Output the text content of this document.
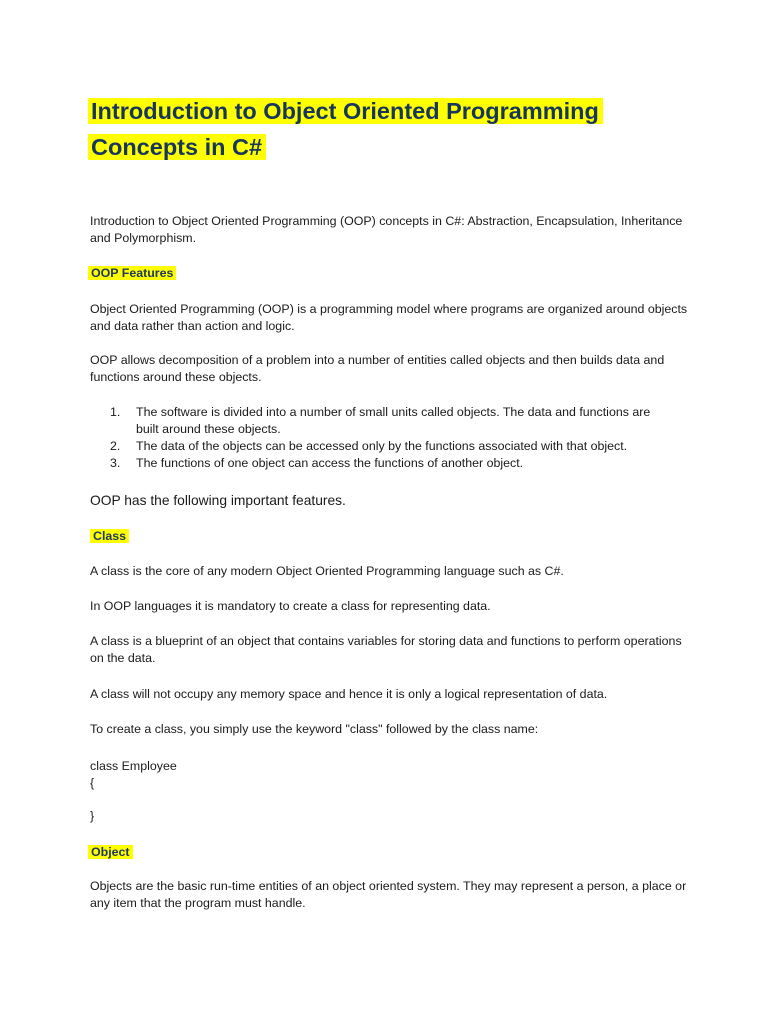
Introduction to Object Oriented Programming
Concepts in C#

Introduction to Object Oriented Programming (OOP) concepts in C#: Abstraction, Encapsulation, Inheritance and Polymorphism.

OOP Features

Object Oriented Programming (OOP) is a programming model where programs are organized around objects and data rather than action and logic.

OOP allows decomposition of a problem into a number of entities called objects and then builds data and functions around these objects.

1. The software is divided into a number of small units called objects. The data and functions are built around these objects.
2. The data of the objects can be accessed only by the functions associated with that object.
3. The functions of one object can access the functions of another object.

OOP has the following important features.

Class

A class is the core of any modern Object Oriented Programming language such as C#.

In OOP languages it is mandatory to create a class for representing data.

A class is a blueprint of an object that contains variables for storing data and functions to perform operations on the data.

A class will not occupy any memory space and hence it is only a logical representation of data.

To create a class, you simply use the keyword "class" followed by the class name:

class Employee
{
}
Object

Objects are the basic run-time entities of an object oriented system. They may represent a person, a place or any item that the program must handle.
